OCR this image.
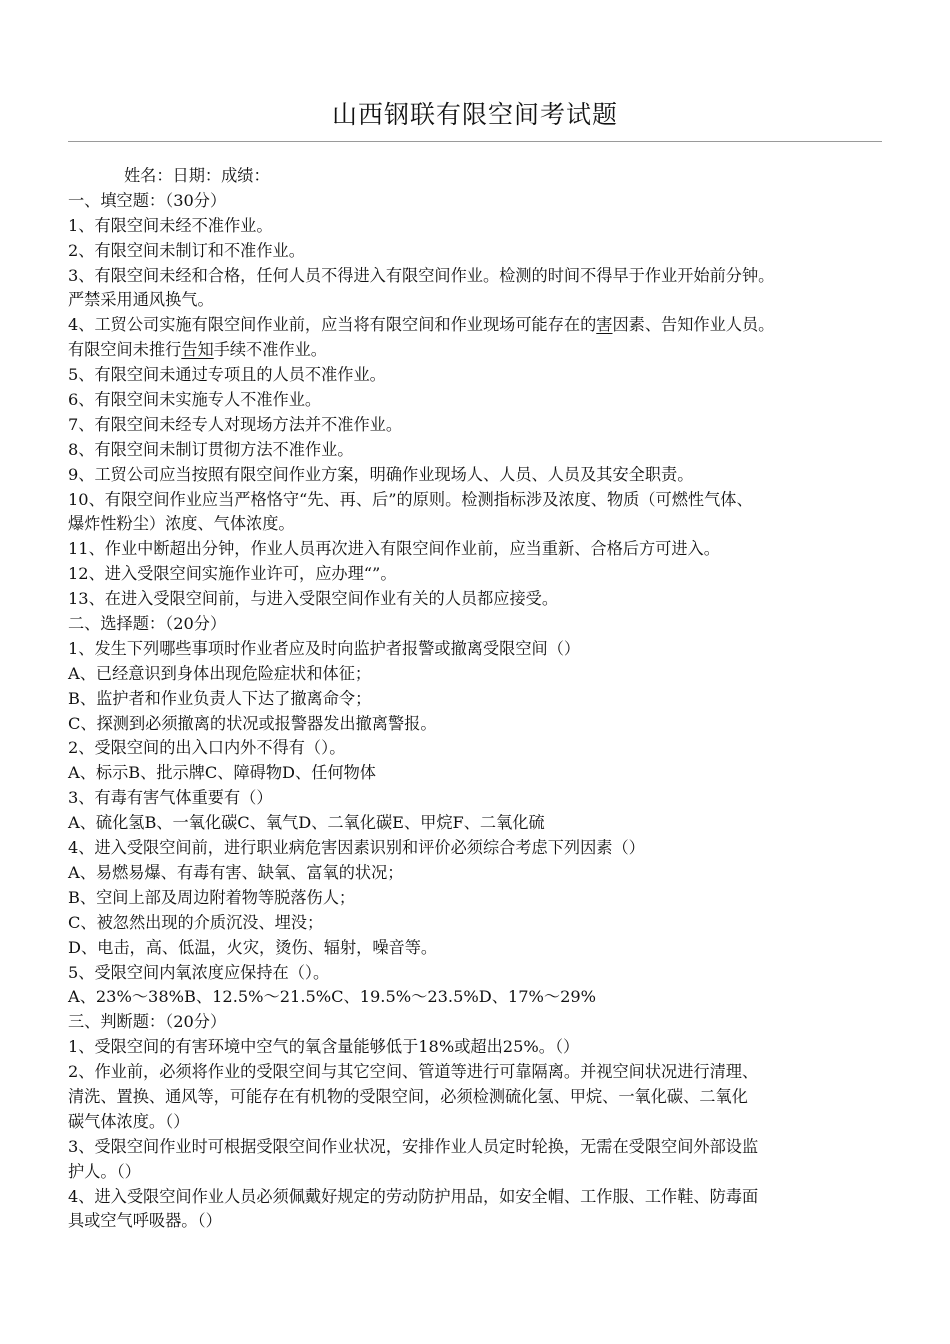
山西钢联有限空间考试题
姓名：日期：成绩：
一、填空题：（30分）
1、有限空间未经不准作业。
2、有限空间未制订和不准作业。
3、有限空间未经和合格，任何人员不得进入有限空间作业。检测的时间不得早于作业开始前分钟。
严禁采用通风换气。
4、工贸公司实施有限空间作业前，应当将有限空间和作业现场可能存在的害因素、告知作业人员。
有限空间未推行告知手续不准作业。
5、有限空间未通过专项且的人员不准作业。
6、有限空间未实施专人不准作业。
7、有限空间未经专人对现场方法并不准作业。
8、有限空间未制订贯彻方法不准作业。
9、工贸公司应当按照有限空间作业方案，明确作业现场人、人员、人员及其安全职责。
10、有限空间作业应当严格恪守“先、再、后”的原则。检测指标涉及浓度、物质（可燃性气体、
爆炸性粉尘）浓度、气体浓度。
11、作业中断超出分钟，作业人员再次进入有限空间作业前，应当重新、合格后方可进入。
12、进入受限空间实施作业许可，应办理“”。
13、在进入受限空间前，与进入受限空间作业有关的人员都应接受。
二、选择题：（20分）
1、发生下列哪些事项时作业者应及时向监护者报警或撤离受限空间（）
A、已经意识到身体出现危险症状和体征；
B、监护者和作业负责人下达了撤离命令；
C、探测到必须撤离的状况或报警器发出撤离警报。
2、受限空间的出入口内外不得有（）。
A、标示B、批示牌C、障碍物D、任何物体
3、有毒有害气体重要有（）
A、硫化氢B、一氧化碳C、氧气D、二氧化碳E、甲烷F、二氧化硫
4、进入受限空间前，进行职业病危害因素识别和评价必须综合考虑下列因素（）
A、易燃易爆、有毒有害、缺氧、富氧的状况；
B、空间上部及周边附着物等脱落伤人；
C、被忽然出现的介质沉没、埋没；
D、电击，高、低温，火灾，烫伤、辐射，噪音等。
5、受限空间内氧浓度应保持在（）。
A、23%～38%B、12.5%～21.5%C、19.5%～23.5%D、17%～29%
三、判断题：（20分）
1、受限空间的有害环境中空气的氧含量能够低于18%或超出25%。（）
2、作业前，必须将作业的受限空间与其它空间、管道等进行可靠隔离。并视空间状况进行清理、
清洗、置换、通风等，可能存在有机物的受限空间，必须检测硫化氢、甲烷、一氧化碳、二氧化
碳气体浓度。（）
3、受限空间作业时可根据受限空间作业状况，安排作业人员定时轮换，无需在受限空间外部设监
护人。（）
4、进入受限空间作业人员必须佩戴好规定的劳动防护用品，如安全帽、工作服、工作鞋、防毒面
具或空气呼吸器。（）
